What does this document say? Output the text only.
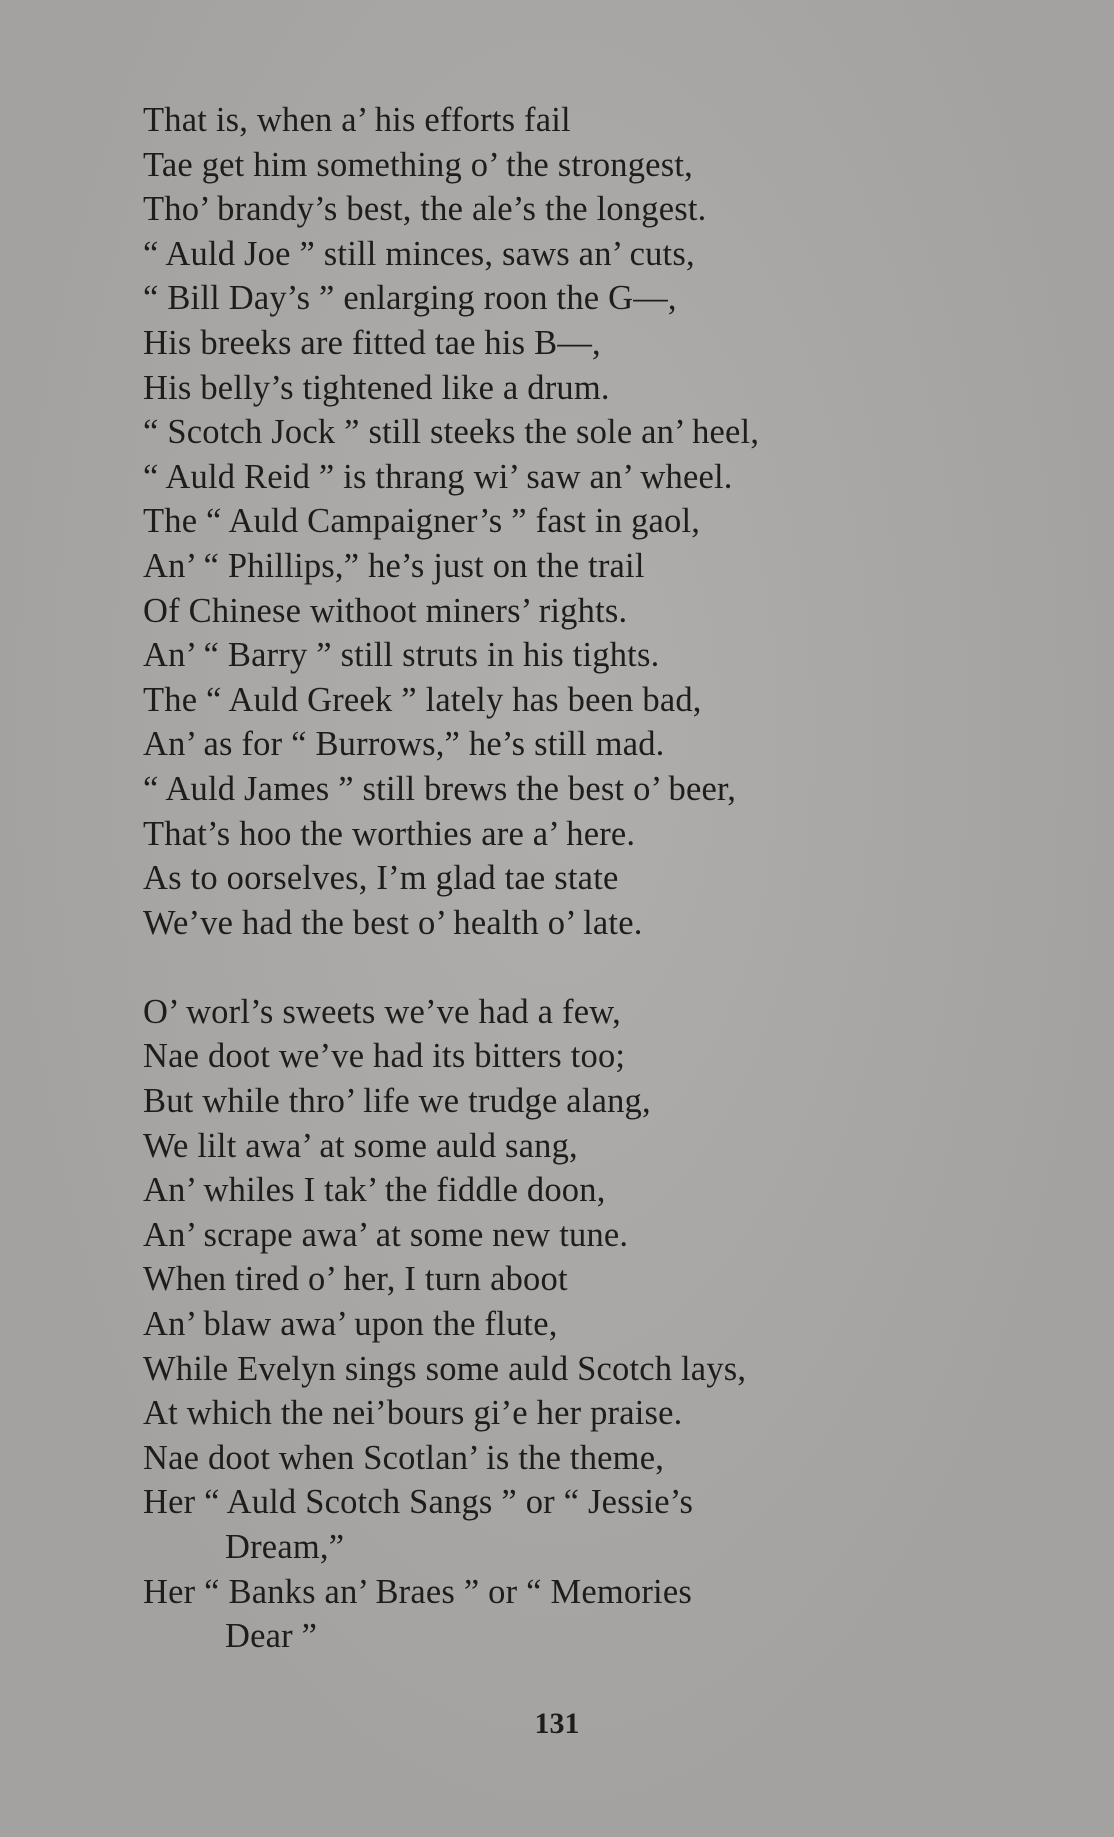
That is, when a’ his efforts fail
Tae get him something o’ the strongest,
Tho’ brandy’s best, the ale’s the longest.
“ Auld Joe ” still minces, saws an’ cuts,
“ Bill Day’s ” enlarging roon the G—,
His breeks are fitted tae his B—,
His belly’s tightened like a drum.
“ Scotch Jock ” still steeks the sole an’ heel,
“ Auld Reid ” is thrang wi’ saw an’ wheel.
The “ Auld Campaigner’s ” fast in gaol,
An’ “ Phillips,” he’s just on the trail
Of Chinese withoot miners’ rights.
An’ “ Barry ” still struts in his tights.
The “ Auld Greek ” lately has been bad,
An’ as for “ Burrows,” he’s still mad.
“ Auld James ” still brews the best o’ beer,
That’s hoo the worthies are a’ here.
As to oorselves, I’m glad tae state
We’ve had the best o’ health o’ late.
O’ worl’s sweets we’ve had a few,
Nae doot we’ve had its bitters too;
But while thro’ life we trudge alang,
We lilt awa’ at some auld sang,
An’ whiles I tak’ the fiddle doon,
An’ scrape awa’ at some new tune.
When tired o’ her, I turn aboot
An’ blaw awa’ upon the flute,
While Evelyn sings some auld Scotch lays,
At which the nei’bours gi’e her praise.
Nae doot when Scotlan’ is the theme,
Her “ Auld Scotch Sangs ” or “ Jessie’s
Dream,”
Her “ Banks an’ Braes ” or “ Memories
Dear ”
131
